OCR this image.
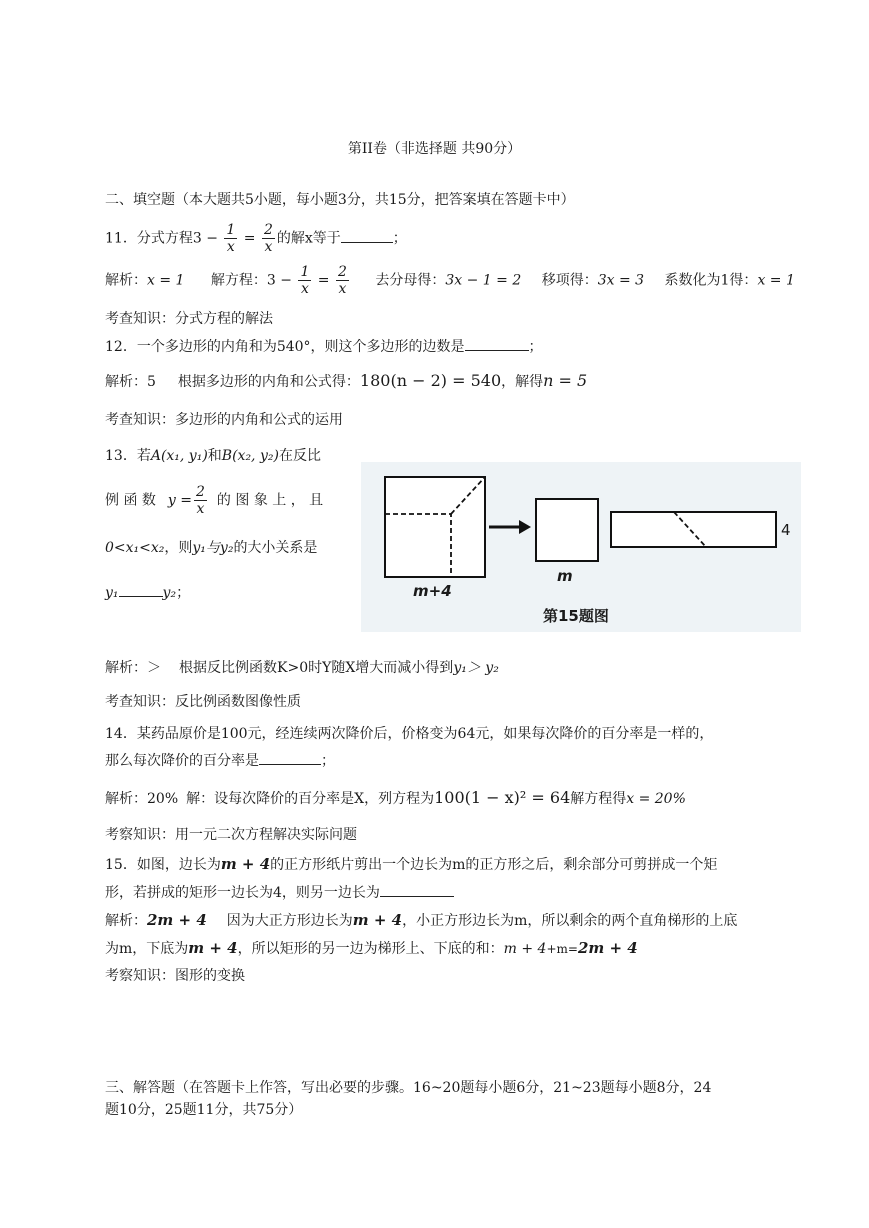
第II卷（非选择题 共90分）
二、填空题（本大题共5小题，每小题3分，共15分，把答案填在答题卡中）
11．分式方程$3 - \frac{1}{x} = \frac{2}{x}$ 的解x等于	；
解析：x = 1 解方程：$3 - \frac{1}{x} = \frac{2}{x}$ 去分母得：3x − 1 = 2 移项得：3x = 3 系数化为1得：x = 1
考查知识：分式方程的解法
12．一个多边形的内角和为540°，则这个多边形的边数是	；
解析：5 根据多边形的内角和公式得：180(n − 2) = 540，解得n = 5
考查知识：多边形的内角和公式的运用
13．若A(x₁, y₁)和B(x₂, y₂)在反比
例 函 数 $y = \frac{2}{x}$ 的 图 象 上 ， 且
0<x₁<x₂，则y₁与y₂的大小关系是
y₁	y₂；	m+4
m
4
第15题图
解析：＞ 根据反比例函数K>0时Y随X增大而减小得到y₁＞ y₂
考查知识：反比例函数图像性质
14．某药品原价是100元，经连续两次降价后，价格变为64元，如果每次降价的百分率是一样的，
那么每次降价的百分率是	；
解析：20% 解：设每次降价的百分率是X，列方程为100(1 − x)² = 64解方程得x = 20%
考察知识：用一元二次方程解决实际问题
15．如图，边长为m + 4的正方形纸片剪出一个边长为m的正方形之后，剩余部分可剪拼成一个矩
形，若拼成的矩形一边长为4，则另一边长为
解析：2m + 4 因为大正方形边长为m + 4，小正方形边长为m，所以剩余的两个直角梯形的上底
为m，下底为m + 4，所以矩形的另一边为梯形上、下底的和：m + 4+m=2m + 4
考察知识：图形的变换
三、解答题（在答题卡上作答，写出必要的步骤。16~20题每小题6分，21~23题每小题8分，24
题10分，25题11分，共75分）
